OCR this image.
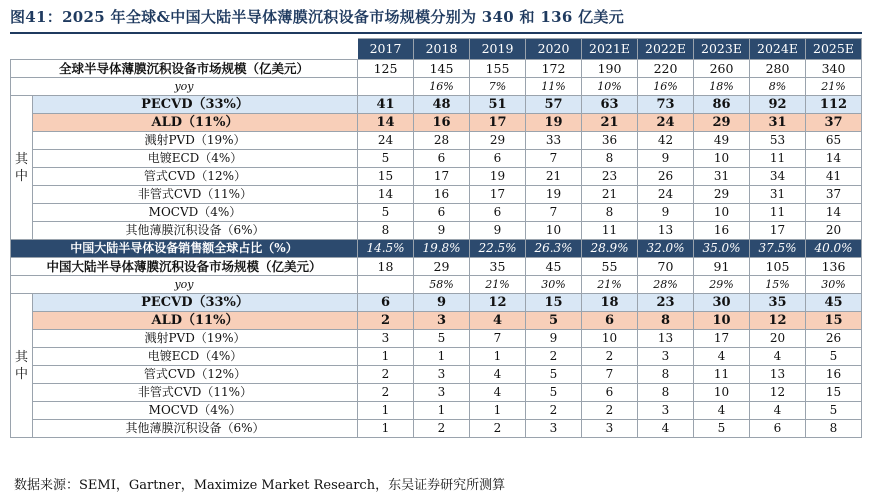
图41：2025 年全球&中国大陆半导体薄膜沉积设备市场规模分别为 340 和 136 亿美元
		2017	2018	2019	2020	2021E	2022E	2023E	2024E	2025E
全球半导体薄膜沉积设备市场规模（亿美元）		125	145	155	172	190	220	260	280	340
yoy			16%	7%	11%	10%	16%	18%	8%	21%
其
中	PECVD（33%）	41	48	51	57	63	73	86	92	112
	ALD（11%）	14	16	17	19	21	24	29	31	37
	溅射PVD（19%）	24	28	29	33	36	42	49	53	65
	电镀ECD（4%）	5	6	6	7	8	9	10	11	14
	管式CVD（12%）	15	17	19	21	23	26	31	34	41
	非管式CVD（11%）	14	16	17	19	21	24	29	31	37
	MOCVD（4%）	5	6	6	7	8	9	10	11	14
	其他薄膜沉积设备（6%）	8	9	9	10	11	13	16	17	20
中国大陆半导体设备销售额全球占比（%）		14.5%	19.8%	22.5%	26.3%	28.9%	32.0%	35.0%	37.5%	40.0%
中国大陆半导体薄膜沉积设备市场规模（亿美元）		18	29	35	45	55	70	91	105	136
yoy			58%	21%	30%	21%	28%	29%	15%	30%
其
中	PECVD（33%）	6	9	12	15	18	23	30	35	45
	ALD（11%）	2	3	4	5	6	8	10	12	15
	溅射PVD（19%）	3	5	7	9	10	13	17	20	26
	电镀ECD（4%）	1	1	1	2	2	3	4	4	5
	管式CVD（12%）	2	3	4	5	7	8	11	13	16
	非管式CVD（11%）	2	3	4	5	6	8	10	12	15
	MOCVD（4%）	1	1	1	2	2	3	4	4	5
	其他薄膜沉积设备（6%）	1	2	2	3	3	4	5	6	8
数据来源：SEMI，Gartner，Maximize Market Research，东吴证券研究所测算
